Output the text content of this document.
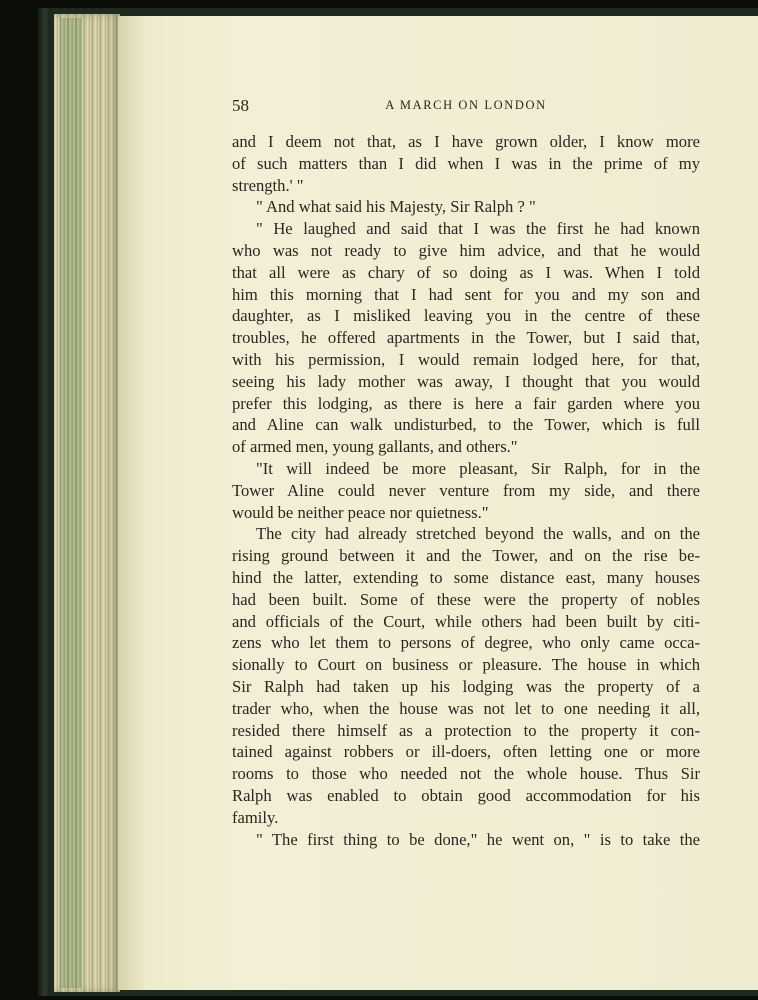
58	A MARCH ON LONDON
and I deem not that, as I have grown older, I know more
of such matters than I did when I was in the prime of my
strength.' "
" And what said his Majesty, Sir Ralph ? "
" He laughed and said that I was the first he had known
who was not ready to give him advice, and that he would
that all were as chary of so doing as I was. When I told
him this morning that I had sent for you and my son and
daughter, as I misliked leaving you in the centre of these
troubles, he offered apartments in the Tower, but I said that,
with his permission, I would remain lodged here, for that,
seeing his lady mother was away, I thought that you would
prefer this lodging, as there is here a fair garden where you
and Aline can walk undisturbed, to the Tower, which is full
of armed men, young gallants, and others."
"It will indeed be more pleasant, Sir Ralph, for in the
Tower Aline could never venture from my side, and there
would be neither peace nor quietness."
The city had already stretched beyond the walls, and on the
rising ground between it and the Tower, and on the rise be-
hind the latter, extending to some distance east, many houses
had been built. Some of these were the property of nobles
and officials of the Court, while others had been built by citi-
zens who let them to persons of degree, who only came occa-
sionally to Court on business or pleasure. The house in which
Sir Ralph had taken up his lodging was the property of a
trader who, when the house was not let to one needing it all,
resided there himself as a protection to the property it con-
tained against robbers or ill-doers, often letting one or more
rooms to those who needed not the whole house. Thus Sir
Ralph was enabled to obtain good accommodation for his
family.
" The first thing to be done," he went on, " is to take the
